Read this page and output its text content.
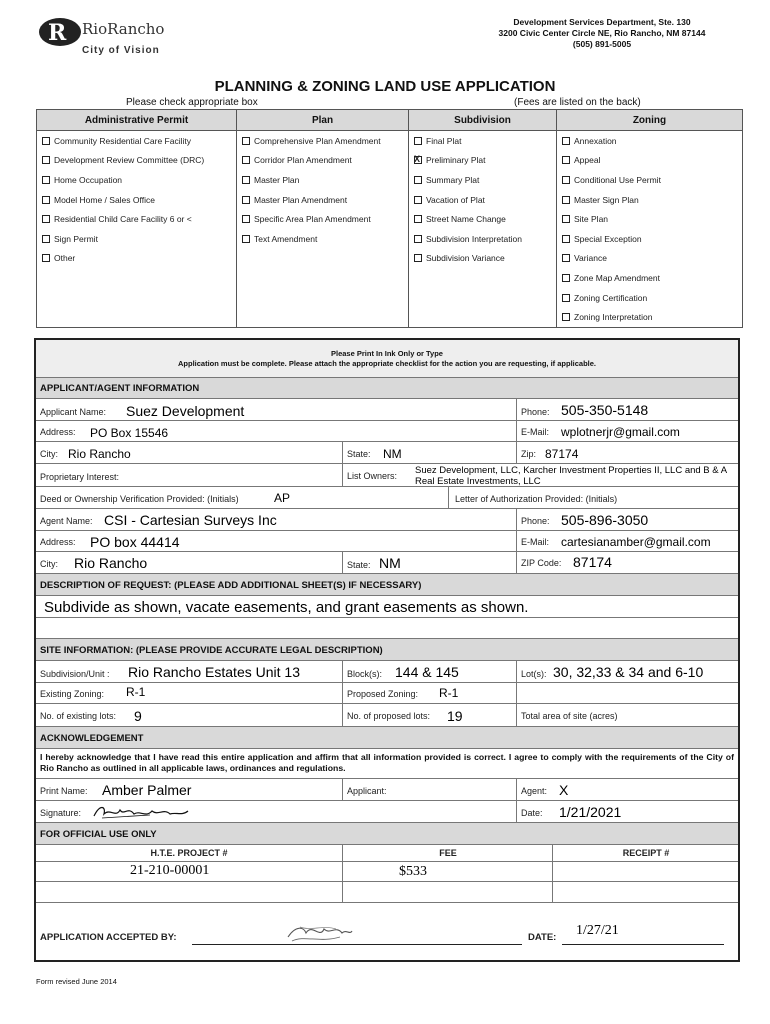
R RioRancho
City of Vision
Development Services Department, Ste. 130
3200 Civic Center Circle NE, Rio Rancho, NM 87144
(505) 891-5005
PLANNING & ZONING LAND USE APPLICATION
Please check appropriate box	(Fees are listed on the back)
Administrative Permit	Plan	Subdivision	Zoning
Community Residential Care Facility	Comprehensive Plan Amendment	Final Plat	Annexation
Development Review Committee (DRC)	Corridor Plan Amendment	XPreliminary Plat	Appeal
Home Occupation	Master Plan	Summary Plat	Conditional Use Permit
Model Home / Sales Office	Master Plan Amendment	Vacation of Plat	Master Sign Plan
Residential Child Care Facility 6 or <	Specific Area Plan Amendment	Street Name Change	Site Plan
Sign Permit	Text Amendment	Subdivision Interpretation	Special Exception
Other		Subdivision Variance	Variance
			Zone Map Amendment
			Zoning Certification
			Zoning Interpretation
Please Print In Ink Only or Type
Application must be complete. Please attach the appropriate checklist for the action you are requesting, if applicable.
APPLICANT/AGENT INFORMATION
Applicant Name: Suez Development	Phone: 505-350-5148
Address: PO Box 15546	E-Mail: wplotnerjr@gmail.com
City: Rio Rancho	State: NM	Zip: 87174
Proprietary Interest:	List Owners: Suez Development, LLC, Karcher Investment Properties II, LLC and B & A Real Estate Investments, LLC
Deed or Ownership Verification Provided: (Initials)	AP	Letter of Authorization Provided: (Initials)
Agent Name: CSI - Cartesian Surveys Inc	Phone: 505-896-3050
Address: PO box 44414	E-Mail: cartesianamber@gmail.com
City: Rio Rancho	State: NM	ZIP Code: 87174
DESCRIPTION OF REQUEST: (PLEASE ADD ADDITIONAL SHEET(S) IF NECESSARY)
Subdivide as shown, vacate easements, and grant easements as shown.
SITE INFORMATION: (PLEASE PROVIDE ACCURATE LEGAL DESCRIPTION)
Subdivision/Unit : Rio Rancho Estates Unit 13	Block(s): 144 & 145	Lot(s): 30, 32,33 & 34 and 6-10
Existing Zoning: R-1	Proposed Zoning: R-1
No. of existing lots: 9	No. of proposed lots: 19	Total area of site (acres)
ACKNOWLEDGEMENT
I hereby acknowledge that I have read this entire application and affirm that all information provided is correct. I agree to comply with the requirements of the City of Rio Rancho as outlined in all applicable laws, ordinances and regulations.
Print Name: Amber Palmer	Applicant:	Agent: X
Signature:	Date: 1/21/2021
FOR OFFICIAL USE ONLY
H.T.E. PROJECT #	FEE	RECEIPT #
21-210-00001	$533
APPLICATION ACCEPTED BY:	DATE: 1/27/21
Form revised June 2014
